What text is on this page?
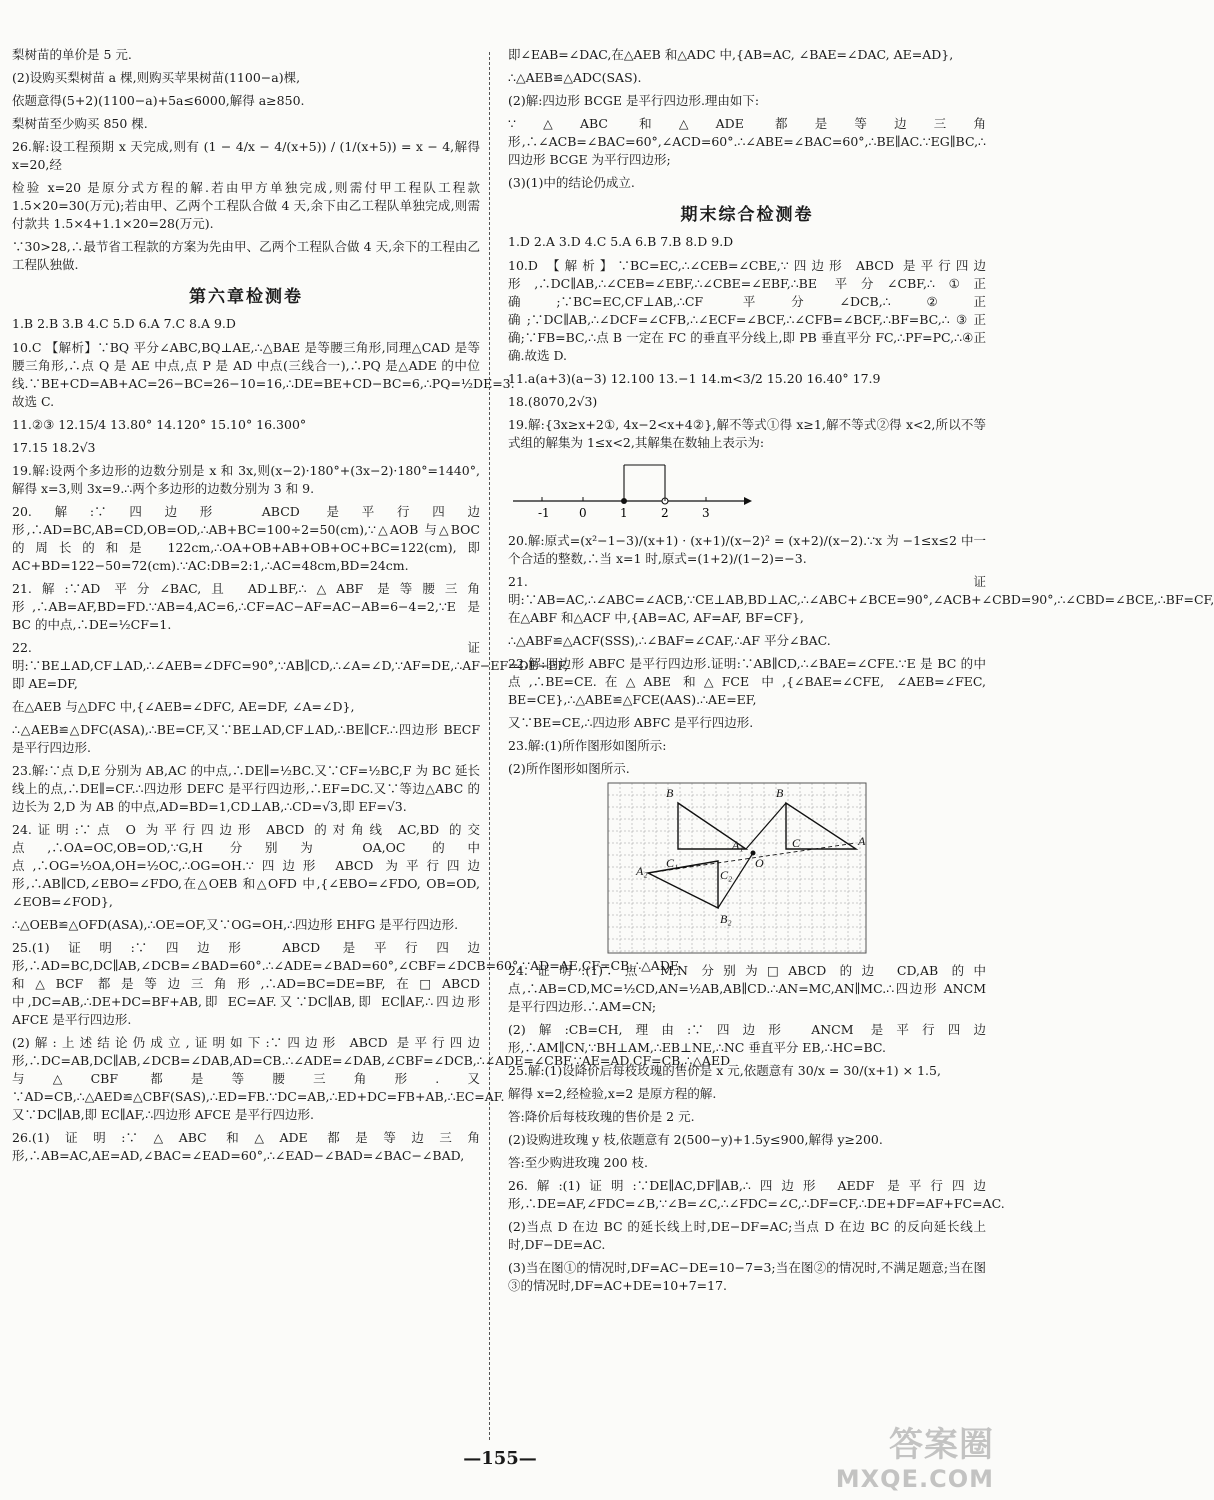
梨树苗的单价是 5 元.
(2)设购买梨树苗 a 棵,则购买苹果树苗(1100−a)棵,
依题意得(5+2)(1100−a)+5a≤6000,解得 a≥850.
梨树苗至少购买 850 棵.
26.解:设工程预期 x 天完成,则有 (1 − 4/x − 4/(x+5)) / (1/(x+5)) = x − 4,解得 x=20,经
检验 x=20 是原分式方程的解.若由甲方单独完成,则需付甲工程队工程款 1.5×20=30(万元);若由甲、乙两个工程队合做 4 天,余下由乙工程队单独完成,则需付款共 1.5×4+1.1×20=28(万元).
∵30>28,∴最节省工程款的方案为先由甲、乙两个工程队合做 4 天,余下的工程由乙工程队独做.
第六章检测卷
1.B 2.B 3.B 4.C 5.D 6.A 7.C 8.A 9.D
10.C 【解析】∵BQ 平分∠ABC,BQ⊥AE,∴△BAE 是等腰三角形,同理△CAD 是等腰三角形,∴点 Q 是 AE 中点,点 P 是 AD 中点(三线合一),∴PQ 是△ADE 的中位线.∵BE+CD=AB+AC=26−BC=26−10=16,∴DE=BE+CD−BC=6,∴PQ=½DE=3.故选 C.
11.②③ 12.15/4 13.80° 14.120° 15.10° 16.300°
17.15 18.2√3
19.解:设两个多边形的边数分别是 x 和 3x,则(x−2)·180°+(3x−2)·180°=1440°,解得 x=3,则 3x=9.∴两个多边形的边数分别为 3 和 9.
20.解:∵四边形 ABCD 是平行四边形,∴AD=BC,AB=CD,OB=OD,∴AB+BC=100÷2=50(cm),∵△AOB 与△BOC 的周长的和是 122cm,∴OA+OB+AB+OB+OC+BC=122(cm),即 AC+BD=122−50=72(cm).∵AC:DB=2:1,∴AC=48cm,BD=24cm.
21.解:∵AD 平分∠BAC,且 AD⊥BF,∴△ABF 是等腰三角形,∴AB=AF,BD=FD.∵AB=4,AC=6,∴CF=AC−AF=AC−AB=6−4=2,∵E 是 BC 的中点,∴DE=½CF=1.
22.证明:∵BE⊥AD,CF⊥AD,∴∠AEB=∠DFC=90°,∵AB∥CD,∴∠A=∠D,∵AF=DE,∴AF−EF=DE−EF,即 AE=DF,
在△AEB 与△DFC 中,{∠AEB=∠DFC, AE=DF, ∠A=∠D},
∴△AEB≌△DFC(ASA),∴BE=CF,又∵BE⊥AD,CF⊥AD,∴BE∥CF.∴四边形 BECF 是平行四边形.
23.解:∵点 D,E 分别为 AB,AC 的中点,∴DE∥=½BC.又∵CF=½BC,F 为 BC 延长线上的点,∴DE∥=CF.∴四边形 DEFC 是平行四边形,∴EF=DC.又∵等边△ABC 的边长为 2,D 为 AB 的中点,AD=BD=1,CD⊥AB,∴CD=√3,即 EF=√3.
24.证明:∵点 O 为平行四边形 ABCD 的对角线 AC,BD 的交点,∴OA=OC,OB=OD,∵G,H 分别为 OA,OC 的中点,∴OG=½OA,OH=½OC,∴OG=OH.∵四边形 ABCD 为平行四边形,∴AB∥CD,∠EBO=∠FDO,在△OEB 和△OFD 中,{∠EBO=∠FDO, OB=OD, ∠EOB=∠FOD},
∴△OEB≌△OFD(ASA),∴OE=OF,又∵OG=OH,∴四边形 EHFG 是平行四边形.
25.(1)证明:∵四边形 ABCD 是平行四边形,∴AD=BC,DC∥AB,∠DCB=∠BAD=60°.∴∠ADE=∠BAD=60°,∠CBF=∠DCB=60°.∵AD=AE,CF=CB,∴△ADE 和△BCF 都是等边三角形,∴AD=BC=DE=BF,在□ABCD 中,DC=AB,∴DE+DC=BF+AB,即 EC=AF.又∵DC∥AB,即 EC∥AF,∴四边形 AFCE 是平行四边形.
(2)解:上述结论仍成立,证明如下:∵四边形 ABCD 是平行四边形,∴DC=AB,DC∥AB,∠DCB=∠DAB,AD=CB.∴∠ADE=∠DAB,∠CBF=∠DCB,∴∠ADE=∠CBF.∵AE=AD,CF=CB,∴△AED 与△CBF 都是等腰三角形.又∵AD=CB,∴△AED≌△CBF(SAS),∴ED=FB.∵DC=AB,∴ED+DC=FB+AB,∴EC=AF.又∵DC∥AB,即 EC∥AF,∴四边形 AFCE 是平行四边形.
26.(1)证明:∵△ABC 和△ADE 都是等边三角形,∴AB=AC,AE=AD,∠BAC=∠EAD=60°,∴∠EAD−∠BAD=∠BAC−∠BAD,
即∠EAB=∠DAC,在△AEB 和△ADC 中,{AB=AC, ∠BAE=∠DAC, AE=AD},
∴△AEB≌△ADC(SAS).
(2)解:四边形 BCGE 是平行四边形.理由如下:
∵△ABC 和△ADE 都是等边三角形,∴∠ACB=∠BAC=60°,∠ACD=60°.∴∠ABE=∠BAC=60°,∴BE∥AC.∵EG∥BC,∴四边形 BCGE 为平行四边形;
(3)(1)中的结论仍成立.
期末综合检测卷
1.D 2.A 3.D 4.C 5.A 6.B 7.B 8.D 9.D
10.D 【解析】∵BC=EC,∴∠CEB=∠CBE,∵四边形 ABCD 是平行四边形,∴DC∥AB,∴∠CEB=∠EBF,∴∠CBE=∠EBF,∴BE 平分∠CBF,∴①正确;∵BC=EC,CF⊥AB,∴CF 平分∠DCB,∴②正确;∵DC∥AB,∴∠DCF=∠CFB,∴∠ECF=∠BCF,∴∠CFB=∠BCF,∴BF=BC,∴③正确;∵FB=BC,∴点 B 一定在 FC 的垂直平分线上,即 PB 垂直平分 FC,∴PF=PC,∴④正确.故选 D.
11.a(a+3)(a−3) 12.100 13.−1 14.m<3/2 15.20 16.40° 17.9
18.(8070,2√3)
19.解:{3x≥x+2①, 4x−2<x+4②},解不等式①得 x≥1,解不等式②得 x<2,所以不等式组的解集为 1≤x<2,其解集在数轴上表示为:
-1 0	1	2	3
20.解:原式=(x²−1−3)/(x+1) · (x+1)/(x−2)² = (x+2)/(x−2).∵x 为 −1≤x≤2 中一个合适的整数,∴当 x=1 时,原式=(1+2)/(1−2)=−3.
21.证明:∵AB=AC,∴∠ABC=∠ACB,∵CE⊥AB,BD⊥AC,∴∠ABC+∠BCE=90°,∠ACB+∠CBD=90°,∴∠CBD=∠BCE,∴BF=CF,在△ABF 和△ACF 中,{AB=AC, AF=AF, BF=CF},
∴△ABF≌△ACF(SSS),∴∠BAF=∠CAF,∴AF 平分∠BAC.
22.解:四边形 ABFC 是平行四边形.证明:∵AB∥CD,∴∠BAE=∠CFE.∵E 是 BC 的中点,∴BE=CE.在△ABE 和△FCE 中,{∠BAE=∠CFE, ∠AEB=∠FEC, BE=CE},∴△ABE≌△FCE(AAS).∴AE=EF,
又∵BE=CE,∴四边形 ABFC 是平行四边形.
23.解:(1)所作图形如图所示:
(2)所作图形如图所示.
B	B
C₁
A₁	C	A
O
A₂	C₂
B₂
24.证明:(1)∵点 M,N 分别为□ABCD 的边 CD,AB 的中点,∴AB=CD,MC=½CD,AN=½AB,AB∥CD.∴AN=MC,AN∥MC.∴四边形 ANCM 是平行四边形.∴AM=CN;
(2)解:CB=CH,理由:∵四边形 ANCM 是平行四边形,∴AM∥CN,∵BH⊥AM,∴EB⊥NE,∴NC 垂直平分 EB,∴HC=BC.
25.解:(1)设降价后每枝玫瑰的售价是 x 元,依题意有 30/x = 30/(x+1) × 1.5,
解得 x=2,经检验,x=2 是原方程的解.
答:降价后每枝玫瑰的售价是 2 元.
(2)设购进玫瑰 y 枝,依题意有 2(500−y)+1.5y≤900,解得 y≥200.
答:至少购进玫瑰 200 枝.
26.解:(1)证明:∵DE∥AC,DF∥AB,∴四边形 AEDF 是平行四边形,∴DE=AF,∠FDC=∠B,∵∠B=∠C,∴∠FDC=∠C,∴DF=CF,∴DE+DF=AF+FC=AC.
(2)当点 D 在边 BC 的延长线上时,DE−DF=AC;当点 D 在边 BC 的反向延长线上时,DF−DE=AC.
(3)当在图①的情况时,DF=AC−DE=10−7=3;当在图②的情况时,不满足题意;当在图③的情况时,DF=AC+DE=10+7=17.
—155—	答案圈
MXQE.COM
